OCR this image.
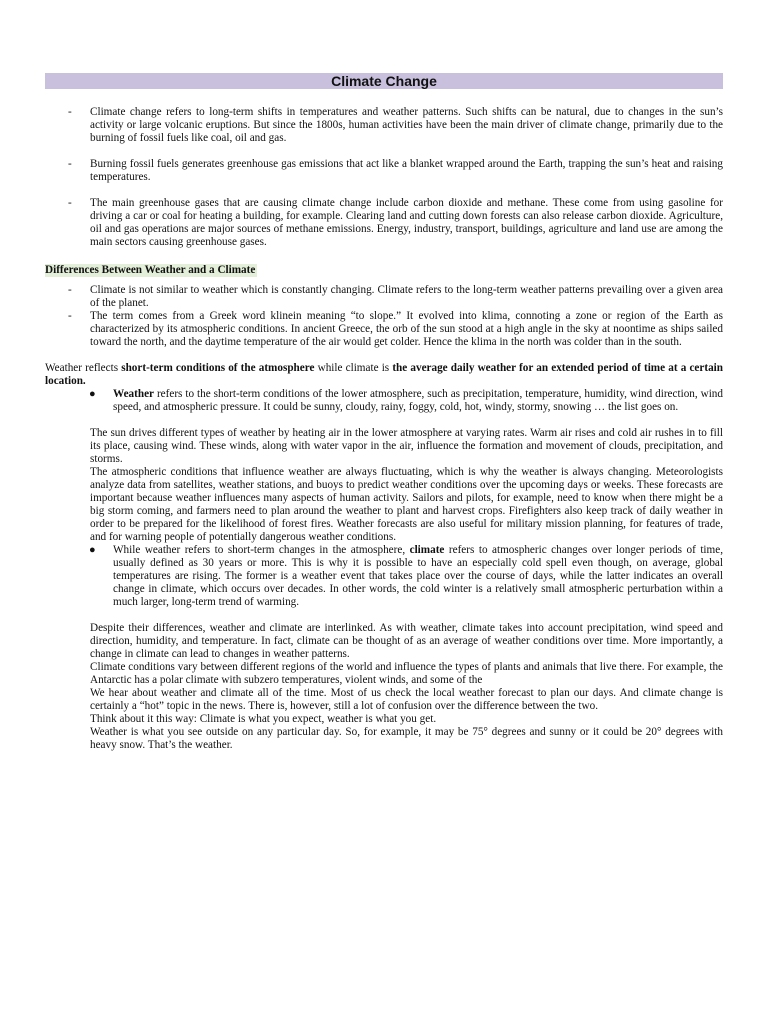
Climate Change
- Climate change refers to long-term shifts in temperatures and weather patterns. Such shifts can be natural, due to changes in the sun’s activity or large volcanic eruptions. But since the 1800s, human activities have been the main driver of climate change, primarily due to the burning of fossil fuels like coal, oil and gas.
- Burning fossil fuels generates greenhouse gas emissions that act like a blanket wrapped around the Earth, trapping the sun’s heat and raising temperatures.
- The main greenhouse gases that are causing climate change include carbon dioxide and methane. These come from using gasoline for driving a car or coal for heating a building, for example. Clearing land and cutting down forests can also release carbon dioxide. Agriculture, oil and gas operations are major sources of methane emissions. Energy, industry, transport, buildings, agriculture and land use are among the main sectors causing greenhouse gases.
Differences Between Weather and a Climate
- Climate is not similar to weather which is constantly changing. Climate refers to the long-term weather patterns prevailing over a given area of the planet.
- The term comes from a Greek word klinein meaning “to slope.” It evolved into klima, connoting a zone or region of the Earth as characterized by its atmospheric conditions. In ancient Greece, the orb of the sun stood at a high angle in the sky at noontime as ships sailed toward the north, and the daytime temperature of the air would get colder. Hence the klima in the north was colder than in the south.

Weather reflects short-term conditions of the atmosphere while climate is the average daily weather for an extended period of time at a certain location.

● Weather refers to the short-term conditions of the lower atmosphere, such as precipitation, temperature, humidity, wind direction, wind speed, and atmospheric pressure. It could be sunny, cloudy, rainy, foggy, cold, hot, windy, stormy, snowing … the list goes on.

The sun drives different types of weather by heating air in the lower atmosphere at varying rates. Warm air rises and cold air rushes in to fill its place, causing wind. These winds, along with water vapor in the air, influence the formation and movement of clouds, precipitation, and storms.

The atmospheric conditions that influence weather are always fluctuating, which is why the weather is always changing. Meteorologists analyze data from satellites, weather stations, and buoys to predict weather conditions over the upcoming days or weeks. These forecasts are important because weather influences many aspects of human activity. Sailors and pilots, for example, need to know when there might be a big storm coming, and farmers need to plan around the weather to plant and harvest crops. Firefighters also keep track of daily weather in order to be prepared for the likelihood of forest fires. Weather forecasts are also useful for military mission planning, for features of trade, and for warning people of potentially dangerous weather conditions.

● While weather refers to short-term changes in the atmosphere, climate refers to atmospheric changes over longer periods of time, usually defined as 30 years or more. This is why it is possible to have an especially cold spell even though, on average, global temperatures are rising. The former is a weather event that takes place over the course of days, while the latter indicates an overall change in climate, which occurs over decades. In other words, the cold winter is a relatively small atmospheric perturbation within a much larger, long-term trend of warming.

Despite their differences, weather and climate are interlinked. As with weather, climate takes into account precipitation, wind speed and direction, humidity, and temperature. In fact, climate can be thought of as an average of weather conditions over time. More importantly, a change in climate can lead to changes in weather patterns.

Climate conditions vary between different regions of the world and influence the types of plants and animals that live there. For example, the Antarctic has a polar climate with subzero temperatures, violent winds, and some of the

We hear about weather and climate all of the time. Most of us check the local weather forecast to plan our days. And climate change is certainly a “hot” topic in the news. There is, however, still a lot of confusion over the difference between the two.

Think about it this way: Climate is what you expect, weather is what you get.

Weather is what you see outside on any particular day. So, for example, it may be 75° degrees and sunny or it could be 20° degrees with heavy snow. That’s the weather.
